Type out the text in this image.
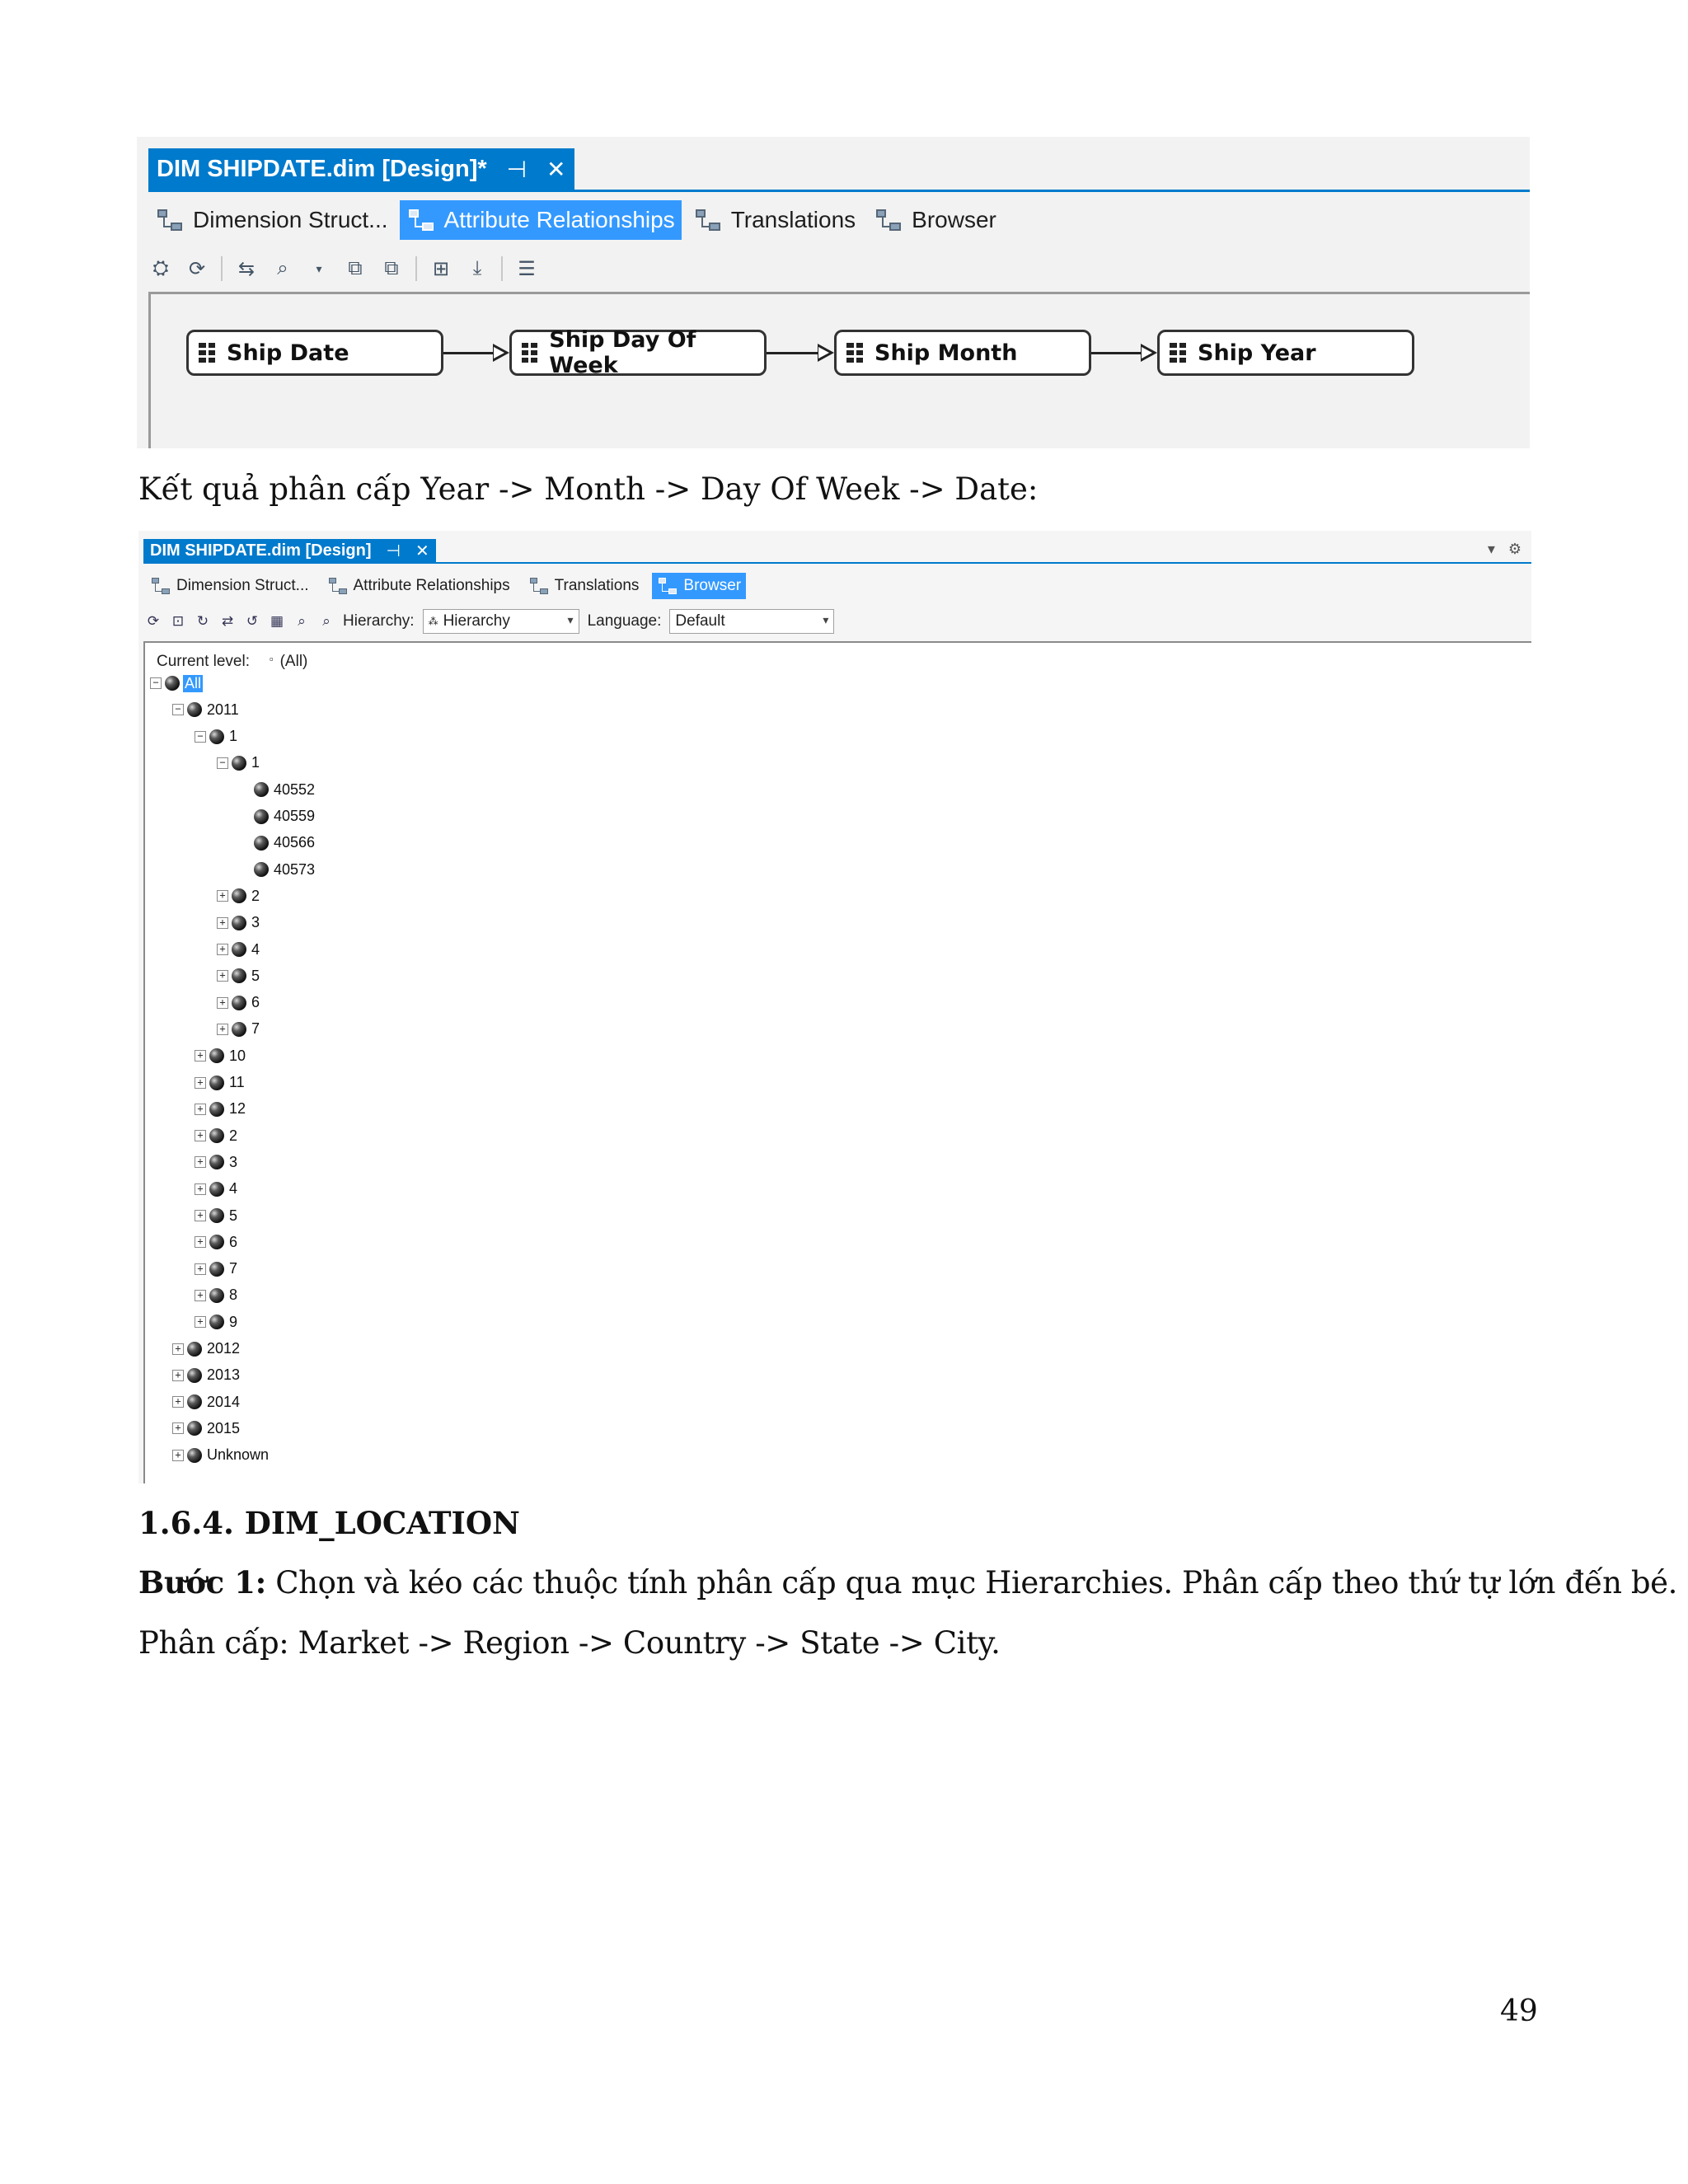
DIM SHIPDATE.dim [Design]* ⊣ ✕
Dimension Struct... Attribute Relationships Translations Browser
⛭ ⟳ ⇆	⌕	▾	⧉ ⧉ ⊞	⤓	☰
Ship Date	Ship Day Of Week	Ship Month	Ship Year
Kết quả phân cấp Year -> Month -> Day Of Week -> Date:
DIM SHIPDATE.dim [Design] ⊣ ✕	▾ ⚙
Dimension Struct...	Attribute Relationships	Translations	Browser
⟳ ⊡ ↻ ⇄ ↺ ▦	⌕	⌕ Hierarchy: ⁂ Hierarchy	▾ Language: Default	▾
Current level: ▫ (All)
− All
− 2011
− 1
− 1
40552
40559
40566
40573
+ 2
+ 3
+ 4
+ 5
+ 6
+ 7
+ 10
+ 11
+ 12
+ 2
+ 3
+ 4
+ 5
+ 6
+ 7
+ 8
+ 9
+ 2012
+ 2013
+ 2014
+ 2015
+ Unknown
1.6.4. DIM_LOCATION
Bước 1: Chọn và kéo các thuộc tính phân cấp qua mục Hierarchies. Phân cấp theo thứ tự lớn đến bé.
Phân cấp: Market -> Region -> Country -> State -> City.
49
